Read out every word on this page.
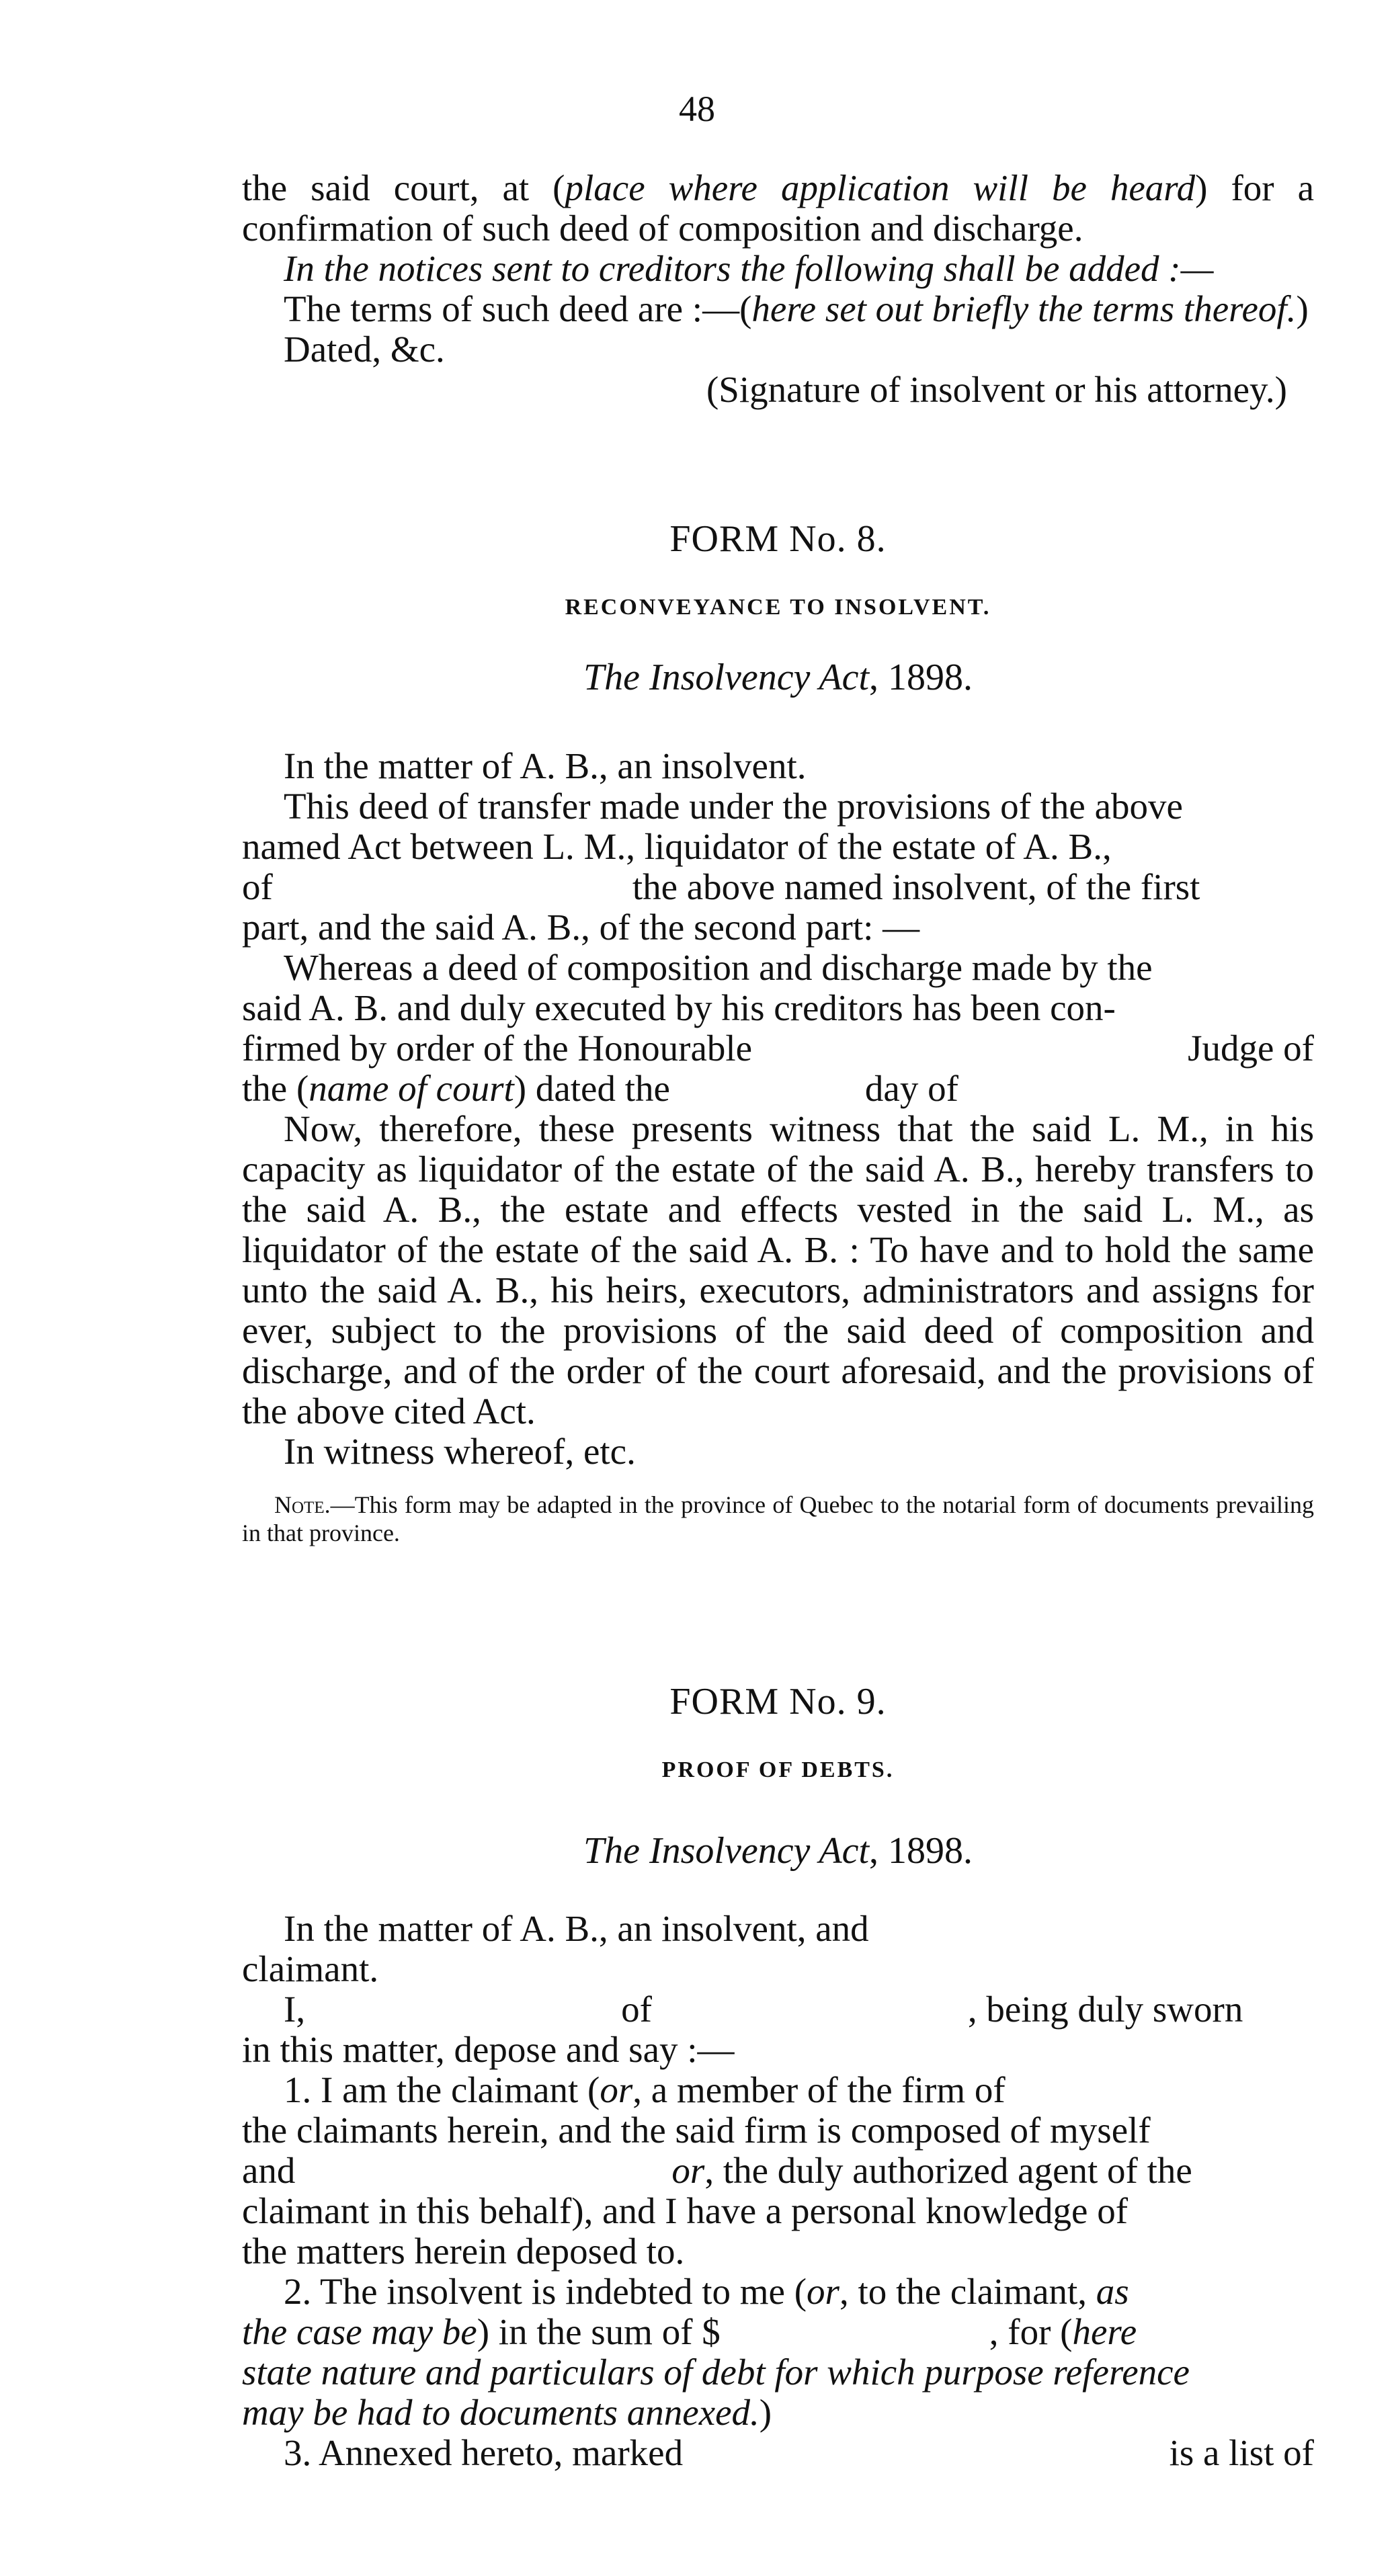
48

the said court, at (place where application will be heard) for a confirmation of such deed of composition and discharge.

In the notices sent to creditors the following shall be added :—

The terms of such deed are :—(here set out briefly the terms thereof.)

Dated, &c.

(Signature of insolvent or his attorney.)

FORM No. 8.
RECONVEYANCE TO INSOLVENT.
The Insolvency Act, 1898.

In the matter of A. B., an insolvent.

This deed of transfer made under the provisions of the above

named Act between L. M., liquidator of the estate of A. B.,

of	the above named insolvent, of the first

part, and the said A. B., of the second part: —

Whereas a deed of composition and discharge made by the

said A. B. and duly executed by his creditors has been con-

firmed by order of the Honourable	Judge of

the (name of court) dated the	day of

Now, therefore, these presents witness that the said L. M., in his capacity as liquidator of the estate of the said A. B., hereby transfers to the said A. B., the estate and effects vested in the said L. M., as liquidator of the estate of the said A. B. : To have and to hold the same unto the said A. B., his heirs, executors, administrators and assigns for ever, subject to the provisions of the said deed of composition and discharge, and of the order of the court aforesaid, and the provisions of the above cited Act.

In witness whereof, etc.

Note.—This form may be adapted in the province of Quebec to the notarial form of documents prevailing in that province.

FORM No. 9.
PROOF OF DEBTS.
The Insolvency Act, 1898.

In the matter of A. B., an insolvent, and

claimant.

I,	of	, being duly sworn

in this matter, depose and say :—

1. I am the claimant (or, a member of the firm of

the claimants herein, and the said firm is composed of myself

and	or, the duly authorized agent of the

claimant in this behalf), and I have a personal knowledge of

the matters herein deposed to.

2. The insolvent is indebted to me (or, to the claimant, as

the case may be) in the sum of $	, for (here

state nature and particulars of debt for which purpose reference

may be had to documents annexed.)

3. Annexed hereto, marked	is a list of
